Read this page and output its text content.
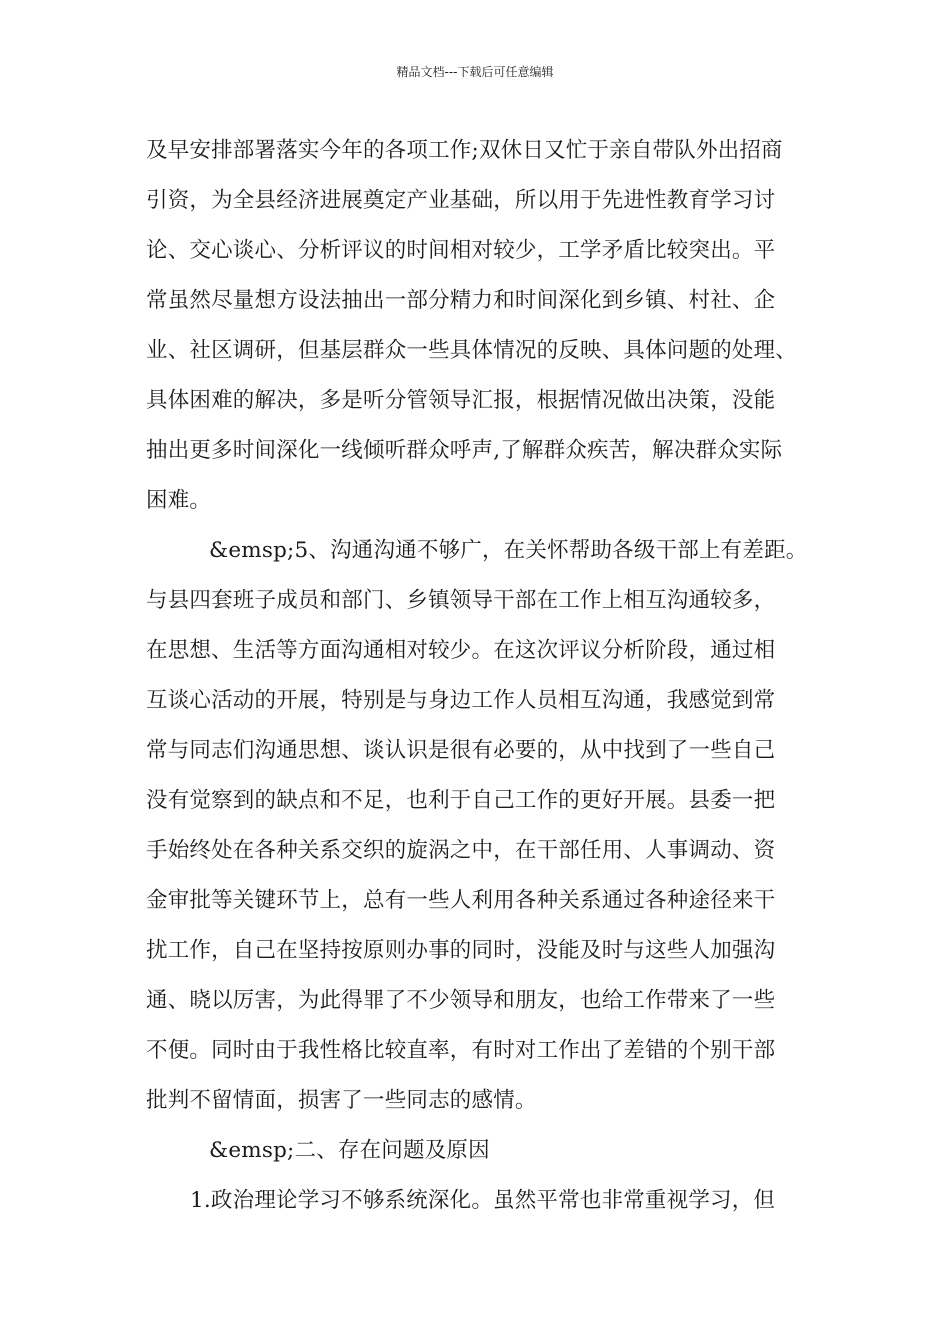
精品文档---下载后可任意编辑
及早安排部署落实今年的各项工作;双休日又忙于亲自带队外出招商
引资，为全县经济进展奠定产业基础，所以用于先进性教育学习讨
论、交心谈心、分析评议的时间相对较少，工学矛盾比较突出。平
常虽然尽量想方设法抽出一部分精力和时间深化到乡镇、村社、企
业、社区调研，但基层群众一些具体情况的反映、具体问题的处理、
具体困难的解决，多是听分管领导汇报，根据情况做出决策，没能
抽出更多时间深化一线倾听群众呼声,了解群众疾苦，解决群众实际
困难。
&emsp;5、沟通沟通不够广，在关怀帮助各级干部上有差距。
与县四套班子成员和部门、乡镇领导干部在工作上相互沟通较多，
在思想、生活等方面沟通相对较少。在这次评议分析阶段，通过相
互谈心活动的开展，特别是与身边工作人员相互沟通，我感觉到常
常与同志们沟通思想、谈认识是很有必要的，从中找到了一些自己
没有觉察到的缺点和不足，也利于自己工作的更好开展。县委一把
手始终处在各种关系交织的旋涡之中，在干部任用、人事调动、资
金审批等关键环节上，总有一些人利用各种关系通过各种途径来干
扰工作，自己在坚持按原则办事的同时，没能及时与这些人加强沟
通、晓以厉害，为此得罪了不少领导和朋友，也给工作带来了一些
不便。同时由于我性格比较直率，有时对工作出了差错的个别干部
批判不留情面，损害了一些同志的感情。
&emsp;二、存在问题及原因
1.政治理论学习不够系统深化。虽然平常也非常重视学习，但
